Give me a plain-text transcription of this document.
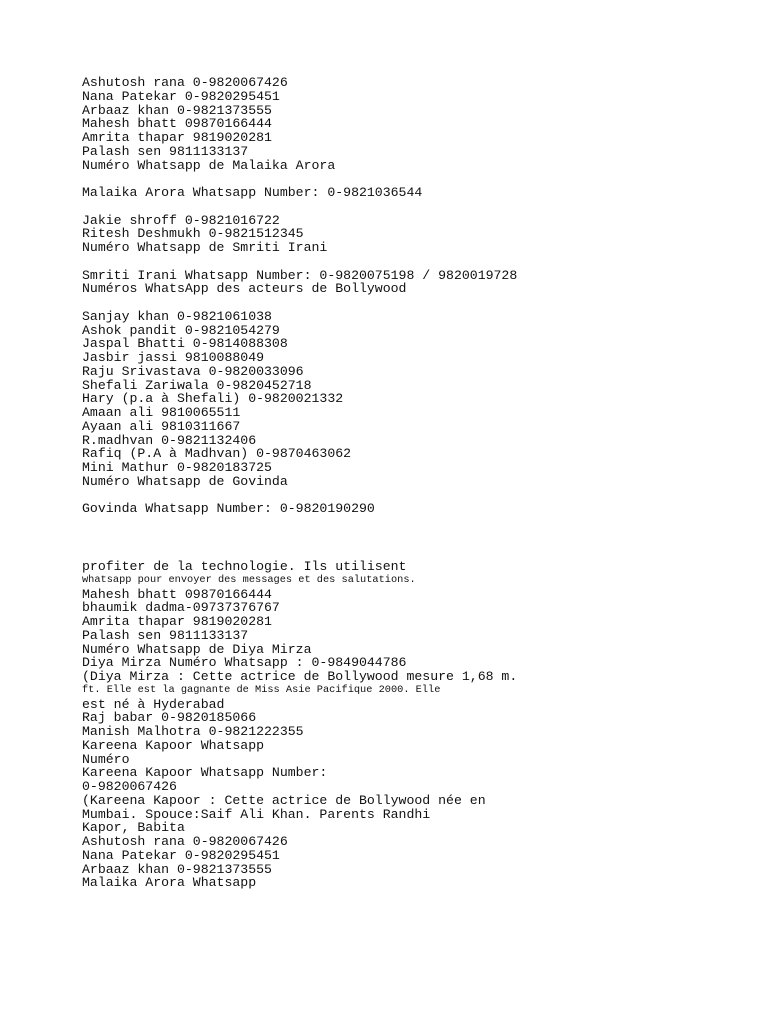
Ashutosh rana 0-9820067426
Nana Patekar 0-9820295451
Arbaaz khan 0-9821373555
Mahesh bhatt 09870166444
Amrita thapar 9819020281
Palash sen 9811133137
Numéro Whatsapp de Malaika Arora
Malaika Arora Whatsapp Number: 0-9821036544
Jakie shroff 0-9821016722
Ritesh Deshmukh 0-9821512345
Numéro Whatsapp de Smriti Irani
Smriti Irani Whatsapp Number: 0-9820075198 / 9820019728
Numéros WhatsApp des acteurs de Bollywood
Sanjay khan 0-9821061038
Ashok pandit 0-9821054279
Jaspal Bhatti 0-9814088308
Jasbir jassi 9810088049
Raju Srivastava 0-9820033096
Shefali Zariwala 0-9820452718
Hary (p.a à Shefali) 0-9820021332
Amaan ali 9810065511
Ayaan ali 9810311667
R.madhvan 0-9821132406
Rafiq (P.A à Madhvan) 0-9870463062
Mini Mathur 0-9820183725
Numéro Whatsapp de Govinda
Govinda Whatsapp Number: 0-9820190290
profiter de la technologie. Ils utilisent
whatsapp pour envoyer des messages et des salutations.
Mahesh bhatt 09870166444
bhaumik dadma-09737376767
Amrita thapar 9819020281
Palash sen 9811133137
Numéro Whatsapp de Diya Mirza
Diya Mirza Numéro Whatsapp : 0-9849044786
(Diya Mirza : Cette actrice de Bollywood mesure 1,68 m.
ft. Elle est la gagnante de Miss Asie Pacifique 2000. Elle
est né à Hyderabad
Raj babar 0-9820185066
Manish Malhotra 0-9821222355
Kareena Kapoor Whatsapp
Numéro
Kareena Kapoor Whatsapp Number:
0-9820067426
(Kareena Kapoor : Cette actrice de Bollywood née en
Mumbai. Spouce:Saif Ali Khan. Parents Randhi
Kapor, Babita
Ashutosh rana 0-9820067426
Nana Patekar 0-9820295451
Arbaaz khan 0-9821373555
Malaika Arora Whatsapp
